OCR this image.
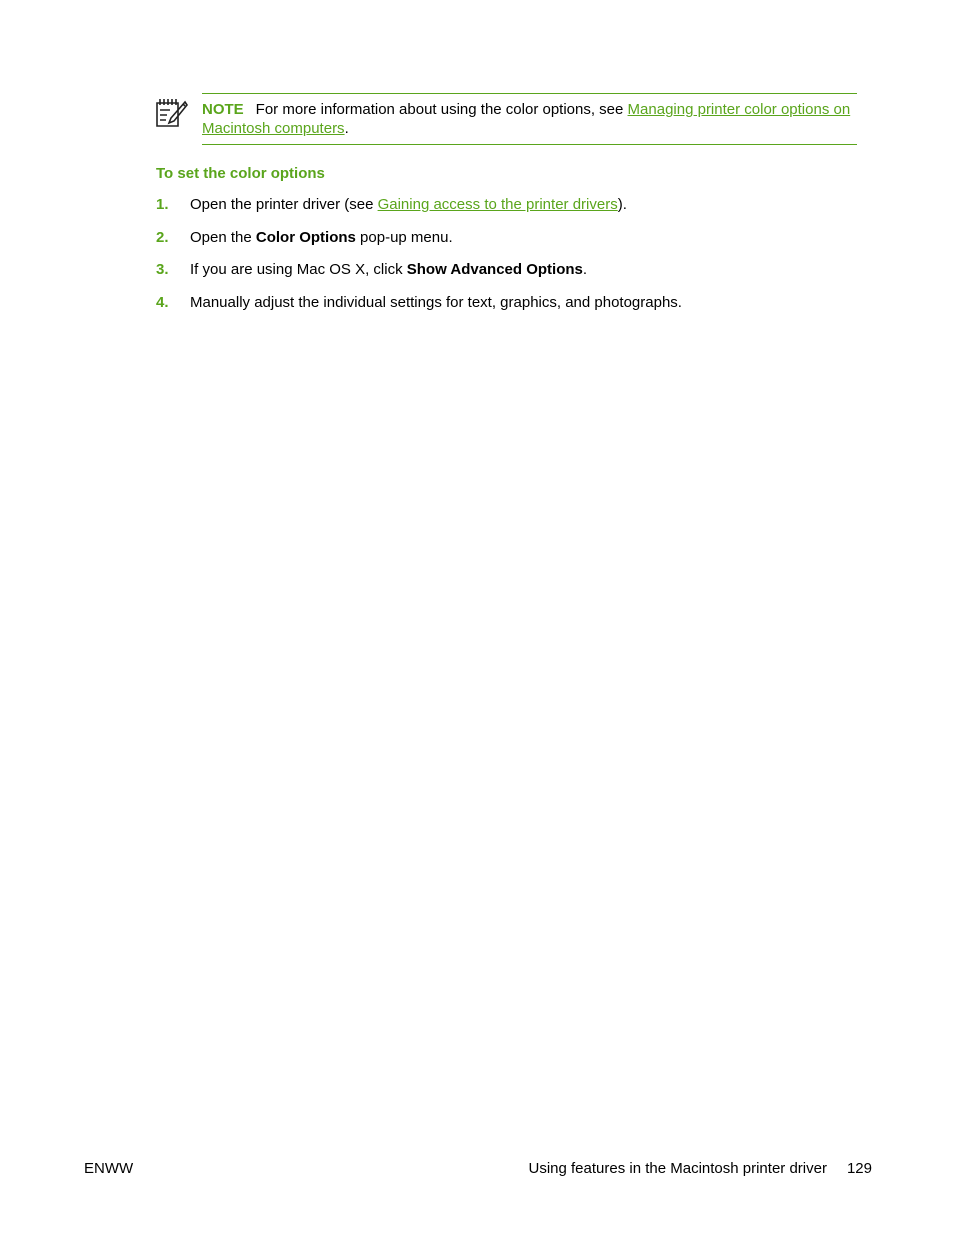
NOTE For more information about using the color options, see Managing printer color options on Macintosh computers.
To set the color options
1. Open the printer driver (see Gaining access to the printer drivers).
2. Open the Color Options pop-up menu.
3. If you are using Mac OS X, click Show Advanced Options.
4. Manually adjust the individual settings for text, graphics, and photographs.
ENWW	Using features in the Macintosh printer driver 129
